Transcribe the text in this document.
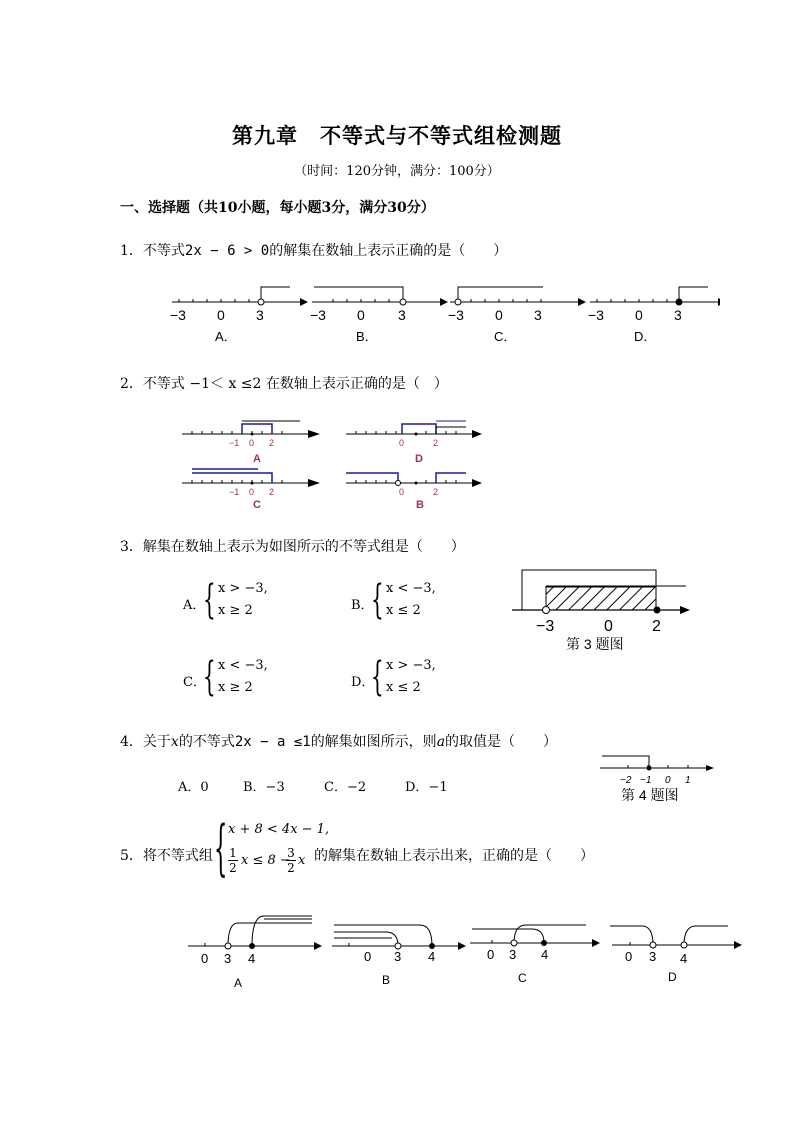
第九章　不等式与不等式组检测题
（时间：120分钟，满分：100分）
一、选择题（共10小题，每小题3分，满分30分）
1．不等式2x − 6 > 0的解集在数轴上表示正确的是（　　）
−3 0 3	−3 0 3	−3 0 3	−3 0 3
A．	B．	C．	D．
2．不等式 −1＜ x ≤2 在数轴上表示正确的是（　）
−1 0 2
A
0	2
D
−1 0 2
C
0	2
B
3．解集在数轴上表示为如图所示的不等式组是（　　）
A．
{ x > −3,
x ≥ 2	B．
{ x < −3,
x ≤ 2
C．
{ x < −3,
x ≥ 2	D．
{ x > −3,
x ≤ 2
−3	0 2
第 3 题图
4．关于x的不等式2x − a ≤1的解集如图所示，则a的取值是（　　）
A．0	B．−3	C．−2	D．−1	−2 −1 0 1
第 4 题图
5．将不等式组 { x + 8 < 4x − 1,
$\frac{1}{2}$ x ≤ 8 −
$\frac{3}{2}$ x 的解集在数轴上表示出来，正确的是（　　）
0 3 4
A
0 3 4
B
0 3 4
C
0 3 4
D
